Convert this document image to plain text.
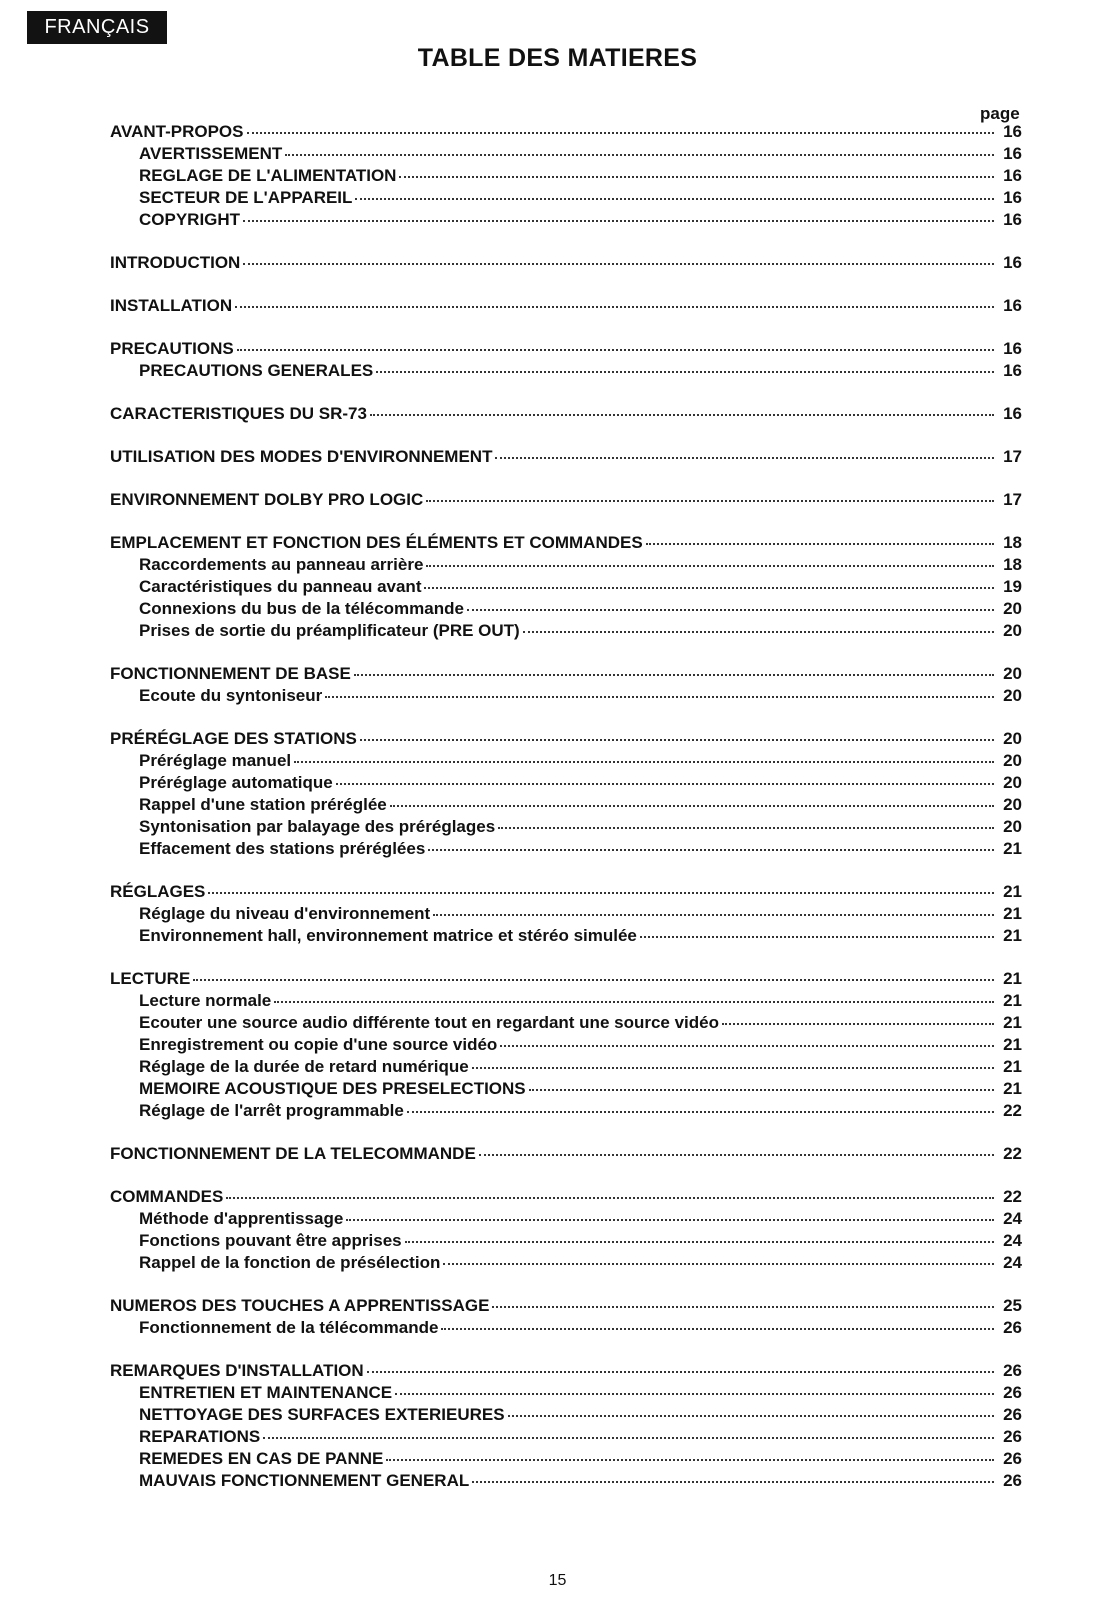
FRANÇAIS
TABLE DES MATIERES
page
AVANT-PROPOS	16
AVERTISSEMENT	16
REGLAGE DE L'ALIMENTATION	16
SECTEUR DE L'APPAREIL	16
COPYRIGHT	16
INTRODUCTION	16
INSTALLATION	16
PRECAUTIONS	16
PRECAUTIONS GENERALES	16
CARACTERISTIQUES DU SR-73	16
UTILISATION DES MODES D'ENVIRONNEMENT	17
ENVIRONNEMENT DOLBY PRO LOGIC	17
EMPLACEMENT ET FONCTION DES ÉLÉMENTS ET COMMANDES	18
Raccordements au panneau arrière	18
Caractéristiques du panneau avant	19
Connexions du bus de la télécommande	20
Prises de sortie du préamplificateur (PRE OUT)	20
FONCTIONNEMENT DE BASE	20
Ecoute du syntoniseur	20
PRÉRÉGLAGE DES STATIONS	20
Préréglage manuel	20
Préréglage automatique	20
Rappel d'une station préréglée	20
Syntonisation par balayage des préréglages	20
Effacement des stations préréglées	21
RÉGLAGES	21
Réglage du niveau d'environnement	21
Environnement hall, environnement matrice et stéréo simulée	21
LECTURE	21
Lecture normale	21
Ecouter une source audio différente tout en regardant une source vidéo	21
Enregistrement ou copie d'une source vidéo	21
Réglage de la durée de retard numérique	21
MEMOIRE ACOUSTIQUE DES PRESELECTIONS	21
Réglage de l'arrêt programmable	22
FONCTIONNEMENT DE LA TELECOMMANDE	22
COMMANDES	22
Méthode d'apprentissage	24
Fonctions pouvant être apprises	24
Rappel de la fonction de présélection	24
NUMEROS DES TOUCHES A APPRENTISSAGE	25
Fonctionnement de la télécommande	26
REMARQUES D'INSTALLATION	26
ENTRETIEN ET MAINTENANCE	26
NETTOYAGE DES SURFACES EXTERIEURES	26
REPARATIONS	26
REMEDES EN CAS DE PANNE	26
MAUVAIS FONCTIONNEMENT GENERAL	26
15
